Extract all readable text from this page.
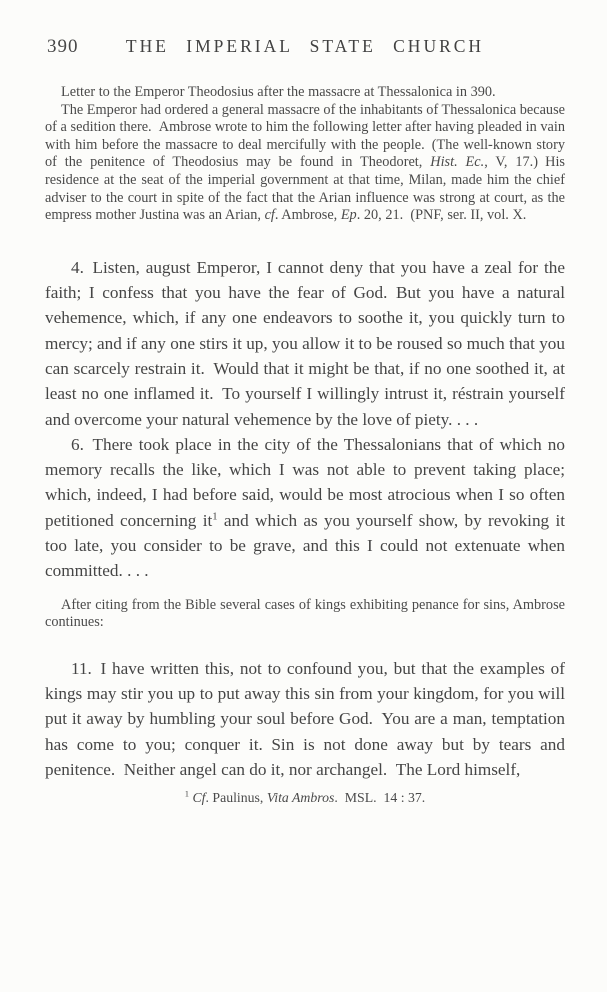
390	THE IMPERIAL STATE CHURCH

Letter to the Emperor Theodosius after the massacre at Thessalonica in 390.

The Emperor had ordered a general massacre of the inhabitants of Thessalonica because of a sedition there. Ambrose wrote to him the following letter after having pleaded in vain with him before the massacre to deal mercifully with the people. (The well-known story of the penitence of Theodosius may be found in Theodoret, Hist. Ec., V, 17.) His residence at the seat of the imperial government at that time, Milan, made him the chief adviser to the court in spite of the fact that the Arian influence was strong at court, as the empress mother Justina was an Arian, cf. Ambrose, Ep. 20, 21. (PNF, ser. II, vol. X.

4. Listen, august Emperor, I cannot deny that you have a zeal for the faith; I confess that you have the fear of God. But you have a natural vehemence, which, if any one endeavors to soothe it, you quickly turn to mercy; and if any one stirs it up, you allow it to be roused so much that you can scarcely restrain it. Would that it might be that, if no one soothed it, at least no one inflamed it. To yourself I willingly intrust it, réstrain yourself and overcome your natural vehemence by the love of piety. . . .

6. There took place in the city of the Thessalonians that of which no memory recalls the like, which I was not able to prevent taking place; which, indeed, I had before said, would be most atrocious when I so often petitioned concerning $it^1$ and which as you yourself show, by revoking it too late, you consider to be grave, and this I could not extenuate when committed. . . .

After citing from the Bible several cases of kings exhibiting penance for sins, Ambrose continues:

11. I have written this, not to confound you, but that the examples of kings may stir you up to put away this sin from your kingdom, for you will put it away by humbling your soul before God. You are a man, temptation has come to you; conquer it. Sin is not done away but by tears and penitence. Neither angel can do it, nor archangel. The Lord himself,

$^1$ Cf. Paulinus, Vita Ambros. MSL. 14 : 37.
